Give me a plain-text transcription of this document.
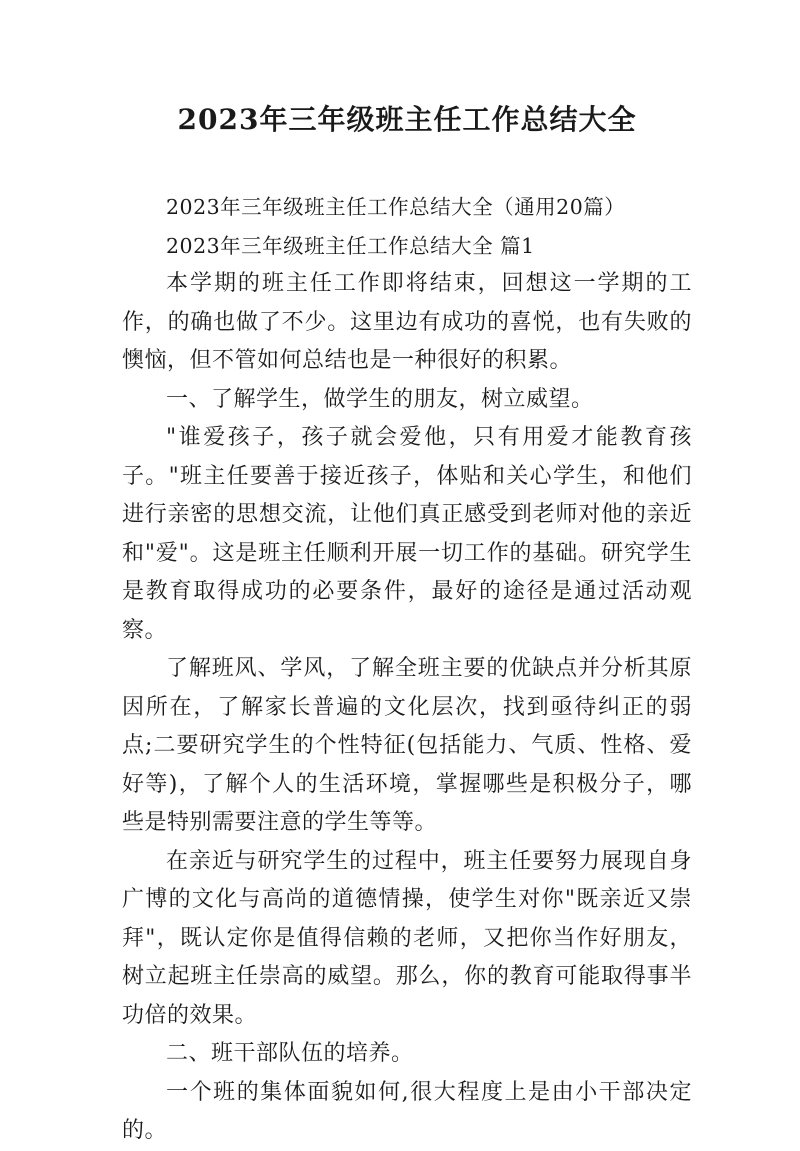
2023年三年级班主任工作总结大全

2023年三年级班主任工作总结大全（通用20篇）

2023年三年级班主任工作总结大全 篇1

本学期的班主任工作即将结束，回想这一学期的工作，的确也做了不少。这里边有成功的喜悦，也有失败的懊恼，但不管如何总结也是一种很好的积累。

一、了解学生，做学生的朋友，树立威望。

"谁爱孩子，孩子就会爱他，只有用爱才能教育孩子。"班主任要善于接近孩子，体贴和关心学生，和他们进行亲密的思想交流，让他们真正感受到老师对他的亲近和"爱"。这是班主任顺利开展一切工作的基础。研究学生是教育取得成功的必要条件，最好的途径是通过活动观察。

了解班风、学风，了解全班主要的优缺点并分析其原因所在，了解家长普遍的文化层次，找到亟待纠正的弱点;二要研究学生的个性特征(包括能力、气质、性格、爱好等)，了解个人的生活环境，掌握哪些是积极分子，哪些是特别需要注意的学生等等。

在亲近与研究学生的过程中，班主任要努力展现自身广博的文化与高尚的道德情操，使学生对你"既亲近又崇拜"，既认定你是值得信赖的老师，又把你当作好朋友，树立起班主任崇高的威望。那么，你的教育可能取得事半功倍的效果。

二、班干部队伍的培养。

一个班的集体面貌如何,很大程度上是由小干部决定的。
